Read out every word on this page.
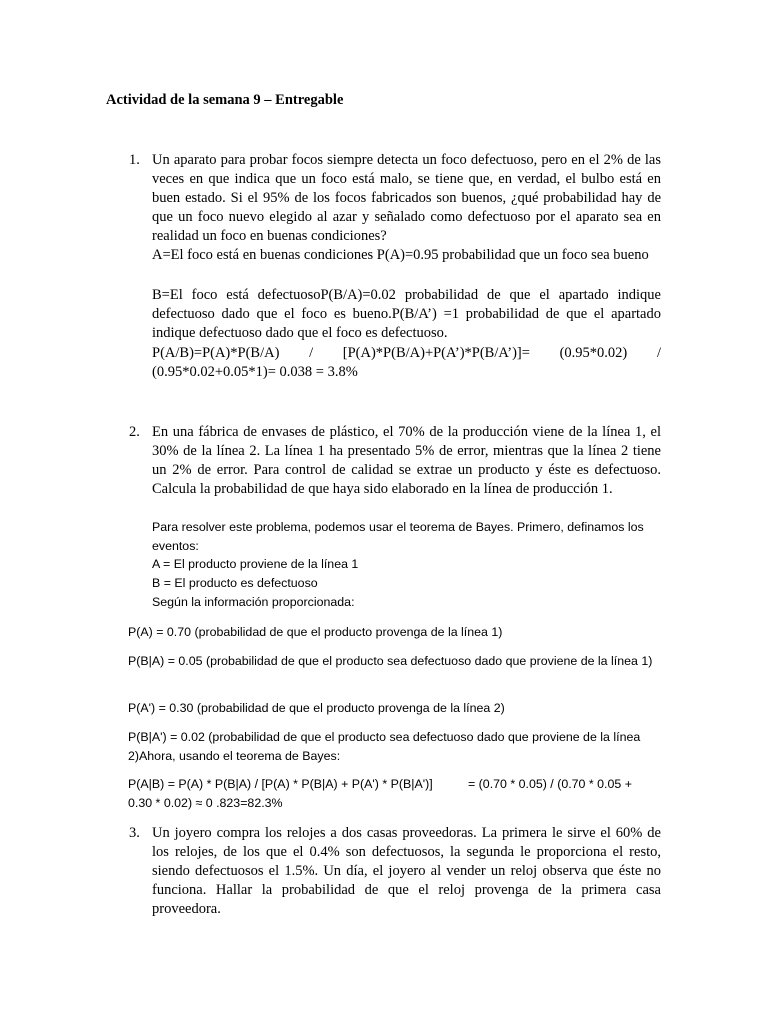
Actividad de la semana 9 – Entregable
1. Un aparato para probar focos siempre detecta un foco defectuoso, pero en el 2% de las veces en que indica que un foco está malo, se tiene que, en verdad, el bulbo está en buen estado. Si el 95% de los focos fabricados son buenos, ¿qué probabilidad hay de que un foco nuevo elegido al azar y señalado como defectuoso por el aparato sea en realidad un foco en buenas condiciones?

A=El foco está en buenas condiciones P(A)=0.95 probabilidad que un foco sea bueno

B=El foco está defectuosoP(B/A)=0.02 probabilidad de que el apartado indique defectuoso dado que el foco es bueno.P(B/A’) =1 probabilidad de que el apartado indique defectuoso dado que el foco es defectuoso.

P(A/B)=P(A)*P(B/A) / [P(A)*P(B/A)+P(A’)*P(B/A’)]= (0.95*0.02) /
(0.95*0.02+0.05*1)= 0.038 = 3.8%
2. En una fábrica de envases de plástico, el 70% de la producción viene de la línea 1, el 30% de la línea 2. La línea 1 ha presentado 5% de error, mientras que la línea 2 tiene un 2% de error. Para control de calidad se extrae un producto y éste es defectuoso. Calcula la probabilidad de que haya sido elaborado en la línea de producción 1.

Para resolver este problema, podemos usar el teorema de Bayes. Primero, definamos los eventos:

A = El producto proviene de la línea 1
B = El producto es defectuoso
Según la información proporcionada:

P(A) = 0.70 (probabilidad de que el producto provenga de la línea 1)

P(B|A) = 0.05 (probabilidad de que el producto sea defectuoso dado que proviene de la línea 1)

P(A') = 0.30 (probabilidad de que el producto provenga de la línea 2)

P(B|A') = 0.02 (probabilidad de que el producto sea defectuoso dado que proviene de la línea 2)Ahora, usando el teorema de Bayes:

P(A|B) = P(A) * P(B|A) / [P(A) * P(B|A) + P(A') * P(B|A')]	= (0.70 * 0.05) / (0.70 * 0.05 +
0.30 * 0.02) ≈ 0 .823=82.3%
3. Un joyero compra los relojes a dos casas proveedoras. La primera le sirve el 60% de los relojes, de los que el 0.4% son defectuosos, la segunda le proporciona el resto, siendo defectuosos el 1.5%. Un día, el joyero al vender un reloj observa que éste no funciona. Hallar la probabilidad de que el reloj provenga de la primera casa proveedora.
